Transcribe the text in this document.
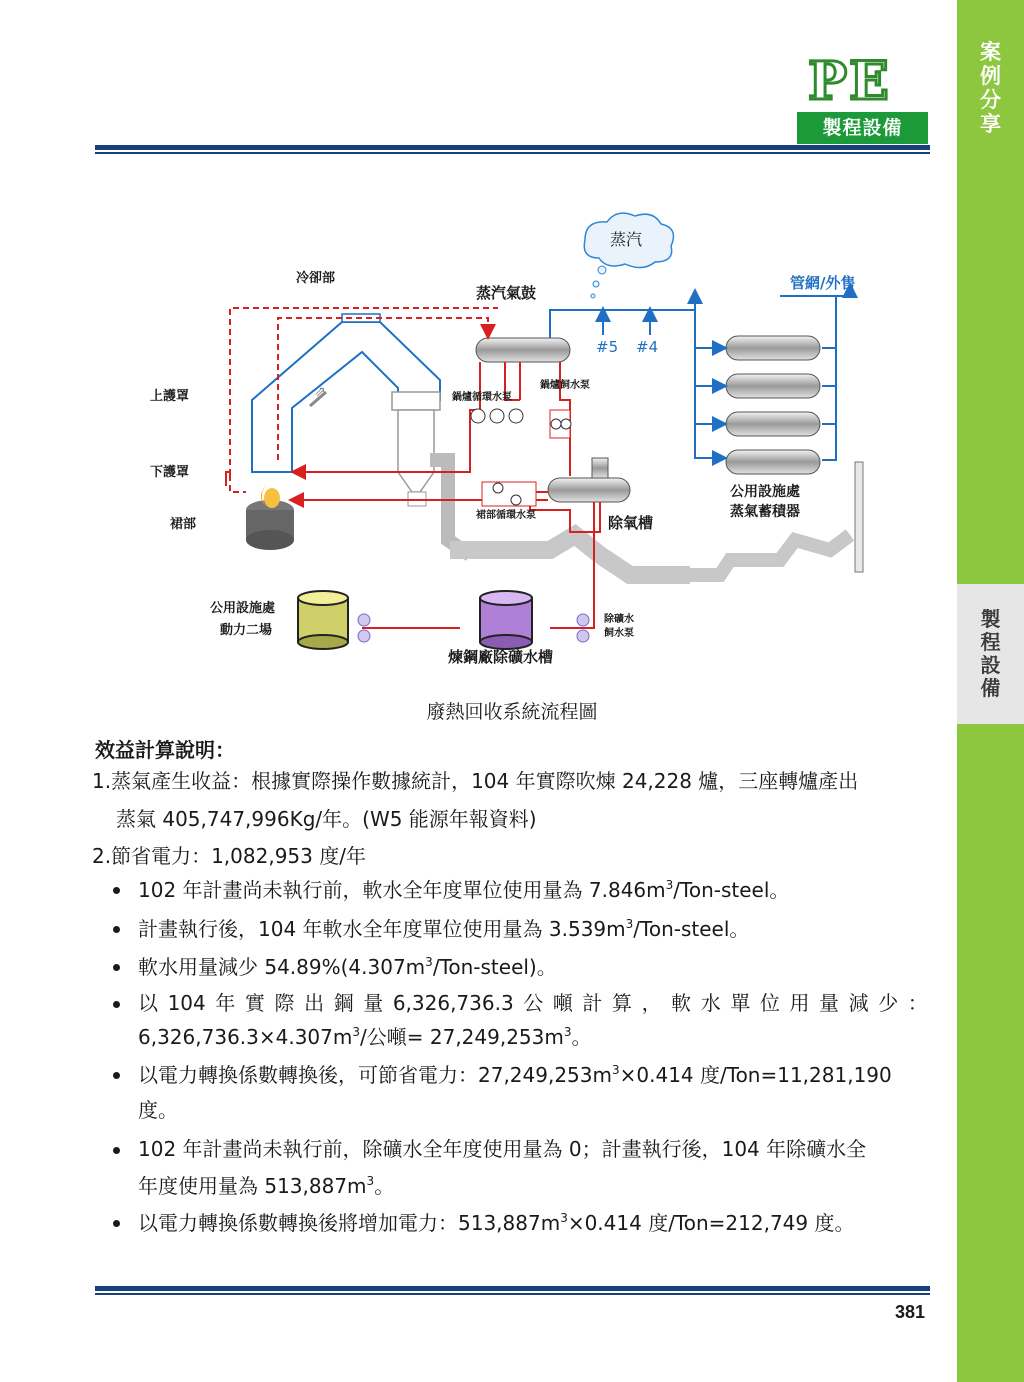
案
例
分
享
製
程
設
備
PE
製程設備
蒸汽
⇗
冷卻部
蒸汽氣鼓
管網/外售
#5 #4
上護罩
下護罩
裙部
鍋爐循環水泵
鍋爐飼水泵
裙部循環水泵	除氧槽
公用設施處
蒸氣蓄積器
公用設施處
動力二場
煉鋼廠除礦水槽
除礦水
飼水泵
廢熱回收系統流程圖
效益計算說明：
1.蒸氣產生收益：根據實際操作數據統計，104 年實際吹煉 24,228 爐，三座轉爐產出
蒸氣 405,747,996Kg/年。(W5 能源年報資料)
2.節省電力：1,082,953 度/年
102 年計畫尚未執行前，軟水全年度單位使用量為 $7.846m^3/Ton$-steel。
計畫執行後，104 年軟水全年度單位使用量為 $3.539m^3/Ton$-steel。
軟水用量減少 $54.89\%(4.307m^3/Ton-steel)$。
以 104 年 實 際 出 鋼 量 6,326,736.3 公 噸 計 算 ， 軟 水 單 位 用 量 減 少 ：
$6,326,736.3\times 4.307m^3/$公噸= $27,249,253m^3$。
以電力轉換係數轉換後，可節省電力：$27,249,253m^3\times 0.414$ 度/Ton=11,281,190
度。
102 年計畫尚未執行前，除礦水全年度使用量為 0；計畫執行後，104 年除礦水全
年度使用量為 $513,887m^3$。
以電力轉換係數轉換後將增加電力：$513,887m^3\times 0.414$ 度/Ton=212,749 度。
381
